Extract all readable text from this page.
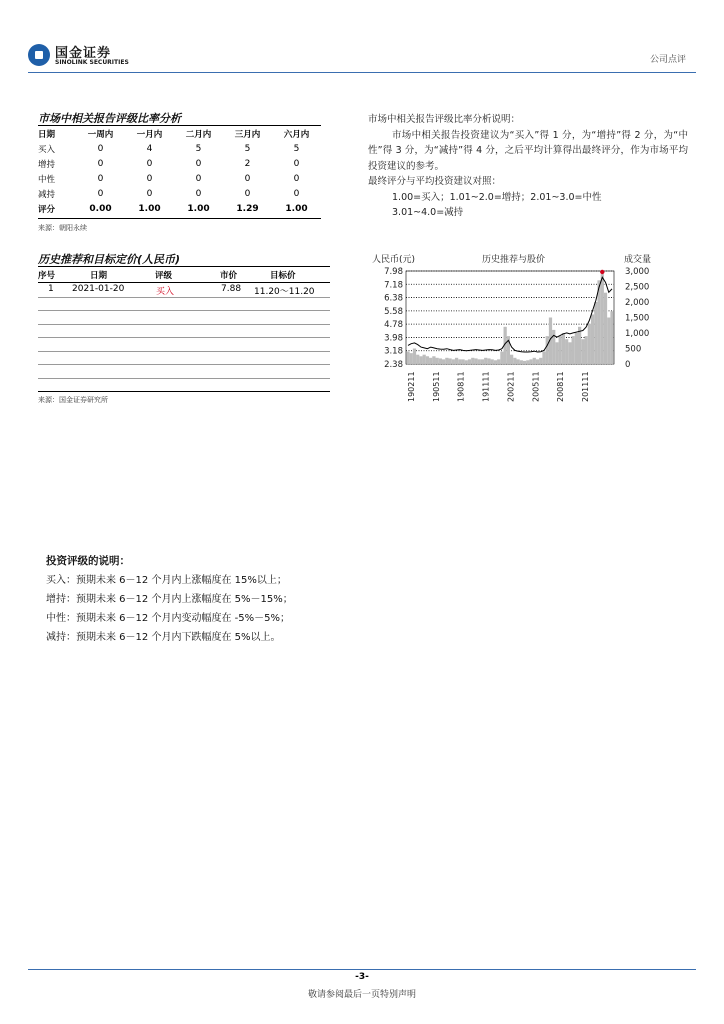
国金证券
SINOLINK SECURITIES	公司点评
市场中相关报告评级比率分析
日期	一周内	一月内	二月内	三月内	六月内
买入	0	4	5	5	5
增持	0	0	0	2	0
中性	0	0	0	0	0
减持	0	0	0	0	0
评分	0.00	1.00	1.00	1.29	1.00
来源：朝阳永续
历史推荐和目标定价(人民币)
序号	日期	评级	市价	目标价
1 2021-01-20	买入	7.88 11.20～11.20
来源：国金证券研究所

市场中相关报告评级比率分析说明：

市场中相关报告投资建议为“买入”得 1 分，为“增持”得 2 分，为“中性”得 3 分，为“减持”得 4 分，之后平均计算得出最终评分，作为市场平均投资建议的参考。

最终评分与平均投资建议对照：

1.00=买入；1.01~2.0=增持；2.01~3.0=中性

3.01~4.0=减持

人民币(元)	历史推荐与股价	成交量
7.98
7.18
6.38
5.58
4.78
3.98
3.18
2.38
3,000
2,500
2,000
1,500
1,000
500
0
190211 190511 190811 191111 200211 200511 200811 201111
投资评级的说明：
买入：预期未来 6－12 个月内上涨幅度在 15%以上；
增持：预期未来 6－12 个月内上涨幅度在 5%－15%；
中性：预期未来 6－12 个月内变动幅度在 -5%－5%；
减持：预期未来 6－12 个月内下跌幅度在 5%以上。
-3-
敬请参阅最后一页特别声明
